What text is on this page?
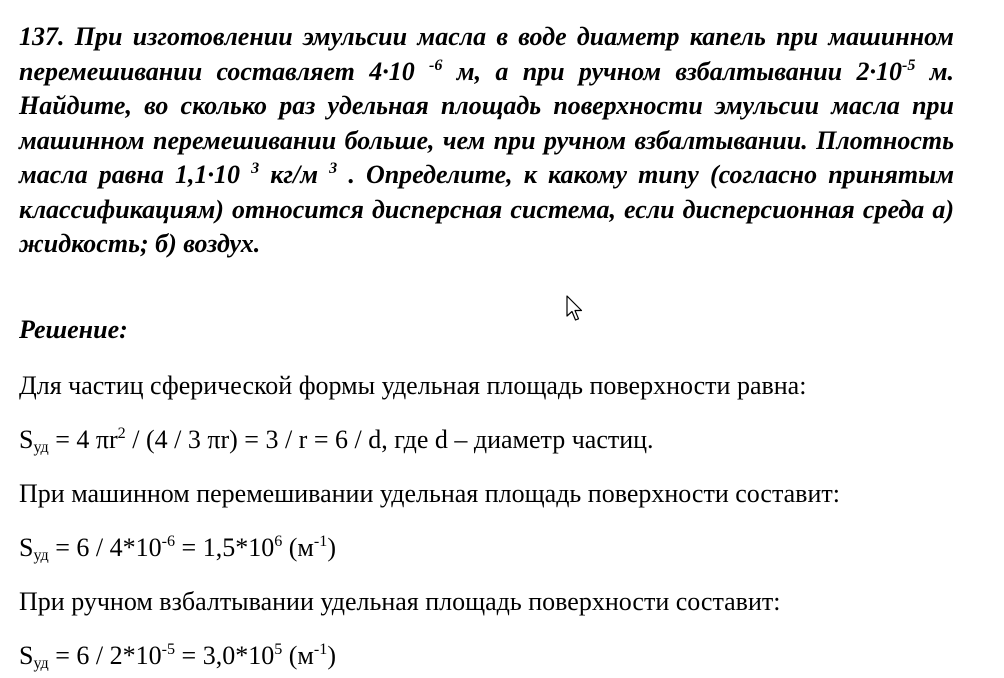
137. При изготовлении эмульсии масла в воде диаметр капель при машинном перемешивании составляет 4·10 $^{-6}$ м, а при ручном взбалтывании $2\cdot 10^{-5}$ м. Найдите, во сколько раз удельная площадь поверхности эмульсии масла при машинном перемешивании больше, чем при ручном взбалтывании. Плотность масла равна 1,1·10 $^3$ кг/м $^3$ . Определите, к какому типу (согласно принятым классификациям) относится дисперсная система, если дисперсионная среда а) жидкость; б) воздух.

Решение:

Для частиц сферической формы удельная площадь поверхности равна:

$S_{уд} = 4$ $\pi r^2 / (4 / 3$ πr) = 3 / r = 6 / d, где d – диаметр частиц.

При машинном перемешивании удельная площадь поверхности составит:

$S_{уд} = 6 / 4*10^{-6} = 1,5*10^6$ $(м^{-1})$

При ручном взбалтывании удельная площадь поверхности составит:

$S_{уд} = 6 / 2*10^{-5} = 3,0*10^5$ $(м^{-1})$
